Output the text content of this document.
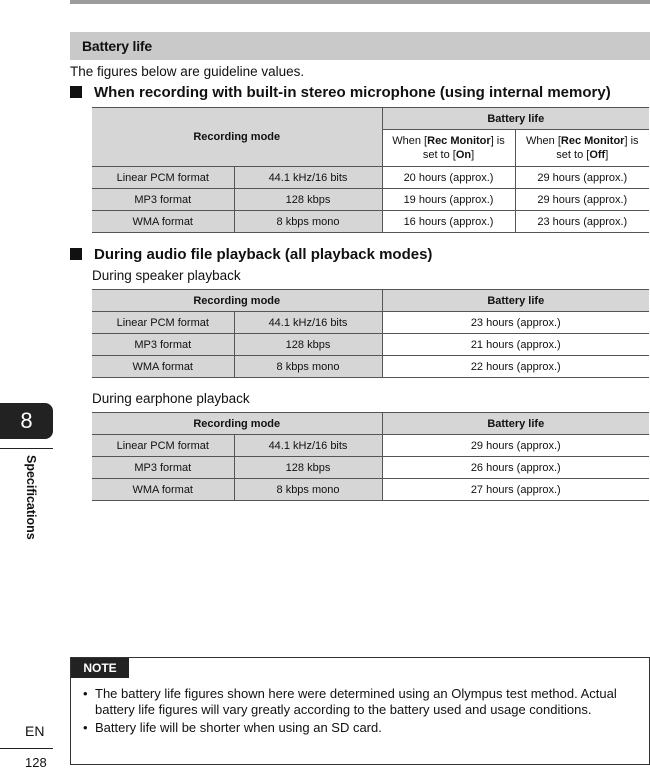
Battery life
The figures below are guideline values.
When recording with built-in stereo microphone (using internal memory)
Recording mode		Battery life	
		When [Rec Monitor] is set to [On]	When [Rec Monitor] is set to [Off]
Linear PCM format	44.1 kHz/16 bits	20 hours (approx.)	29 hours (approx.)
MP3 format	128 kbps	19 hours (approx.)	29 hours (approx.)
WMA format	8 kbps mono	16 hours (approx.)	23 hours (approx.)
During audio file playback (all playback modes)
During speaker playback
Recording mode		Battery life
Linear PCM format	44.1 kHz/16 bits	23 hours (approx.)
MP3 format	128 kbps	21 hours (approx.)
WMA format	8 kbps mono	22 hours (approx.)
During earphone playback
Recording mode		Battery life
Linear PCM format	44.1 kHz/16 bits	29 hours (approx.)
MP3 format	128 kbps	26 hours (approx.)
WMA format	8 kbps mono	27 hours (approx.)
8
Specifications
EN
128
NOTE
• The battery life figures shown here were determined using an Olympus test method. Actual battery life figures will vary greatly according to the battery used and usage conditions.
• Battery life will be shorter when using an SD card.
